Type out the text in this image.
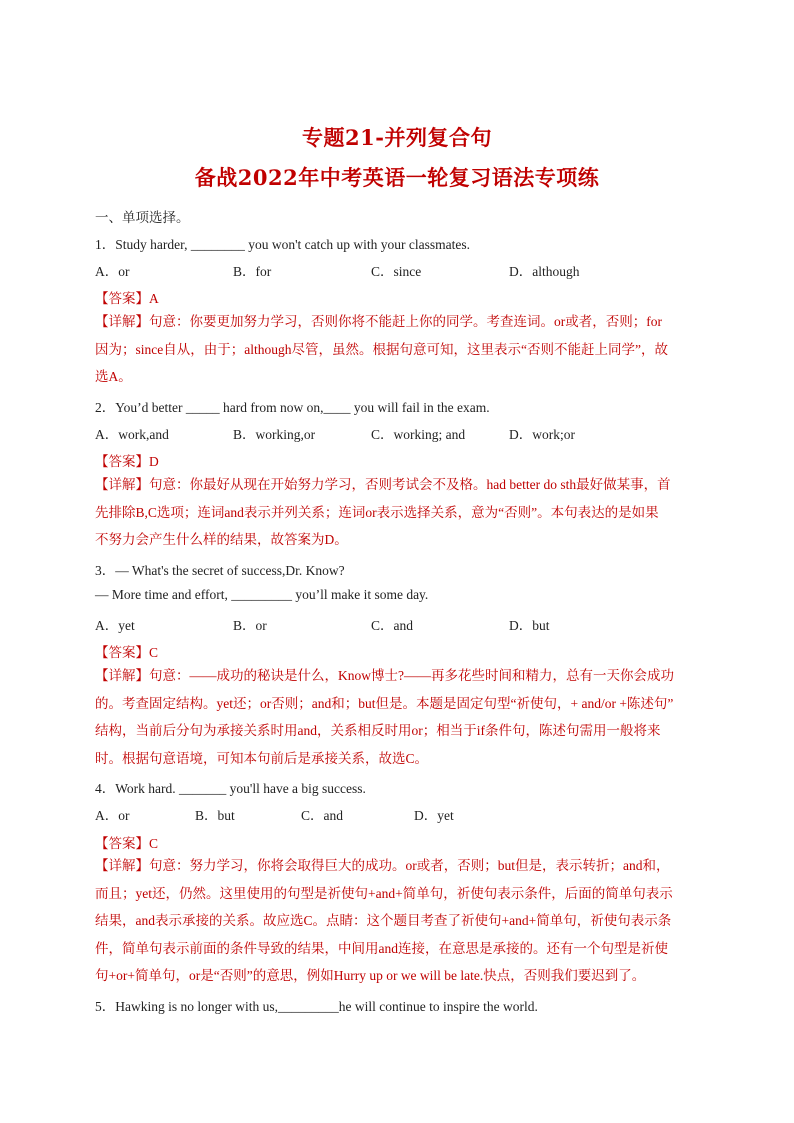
专题21-并列复合句
备战2022年中考英语一轮复习语法专项练
一、单项选择。
1．Study harder, ________ you won't catch up with your classmates.
A．or	B．for	C．since	D．although
【答案】A
【详解】句意：你要更加努力学习，否则你将不能赶上你的同学。考查连词。or或者，否则；for
因为；since自从，由于；although尽管，虽然。根据句意可知，这里表示“否则不能赶上同学”，故
选A。
2．You’d better _____ hard from now on,____ you will fail in the exam.
A．work,and	B．working,or	C．working; and	D．work;or
【答案】D
【详解】句意：你最好从现在开始努力学习，否则考试会不及格。had better do sth最好做某事，首
先排除B,C选项；连词and表示并列关系；连词or表示选择关系，意为“否则”。本句表达的是如果
不努力会产生什么样的结果，故答案为D。
3．— What's the secret of success,Dr. Know?
— More time and effort, _________ you’ll make it some day.
A．yet	B．or	C．and	D．but
【答案】C
【详解】句意：——成功的秘诀是什么，Know博士?——再多花些时间和精力，总有一天你会成功
的。考查固定结构。yet还；or否则；and和；but但是。本题是固定句型“祈使句，+ and/or +陈述句”
结构，当前后分句为承接关系时用and，关系相反时用or；相当于if条件句，陈述句需用一般将来
时。根据句意语境，可知本句前后是承接关系，故选C。
4．Work hard. _______ you'll have a big success.
A．or	B．but	C．and	D．yet
【答案】C
【详解】句意：努力学习，你将会取得巨大的成功。or或者，否则；but但是，表示转折；and和，
而且；yet还，仍然。这里使用的句型是祈使句+and+简单句，祈使句表示条件，后面的简单句表示
结果，and表示承接的关系。故应选C。点睛：这个题目考查了祈使句+and+简单句，祈使句表示条
件，简单句表示前面的条件导致的结果，中间用and连接，在意思是承接的。还有一个句型是祈使
句+or+简单句，or是“否则”的意思，例如Hurry up or we will be late.快点，否则我们要迟到了。
5．Hawking is no longer with us,_________he will continue to inspire the world.
